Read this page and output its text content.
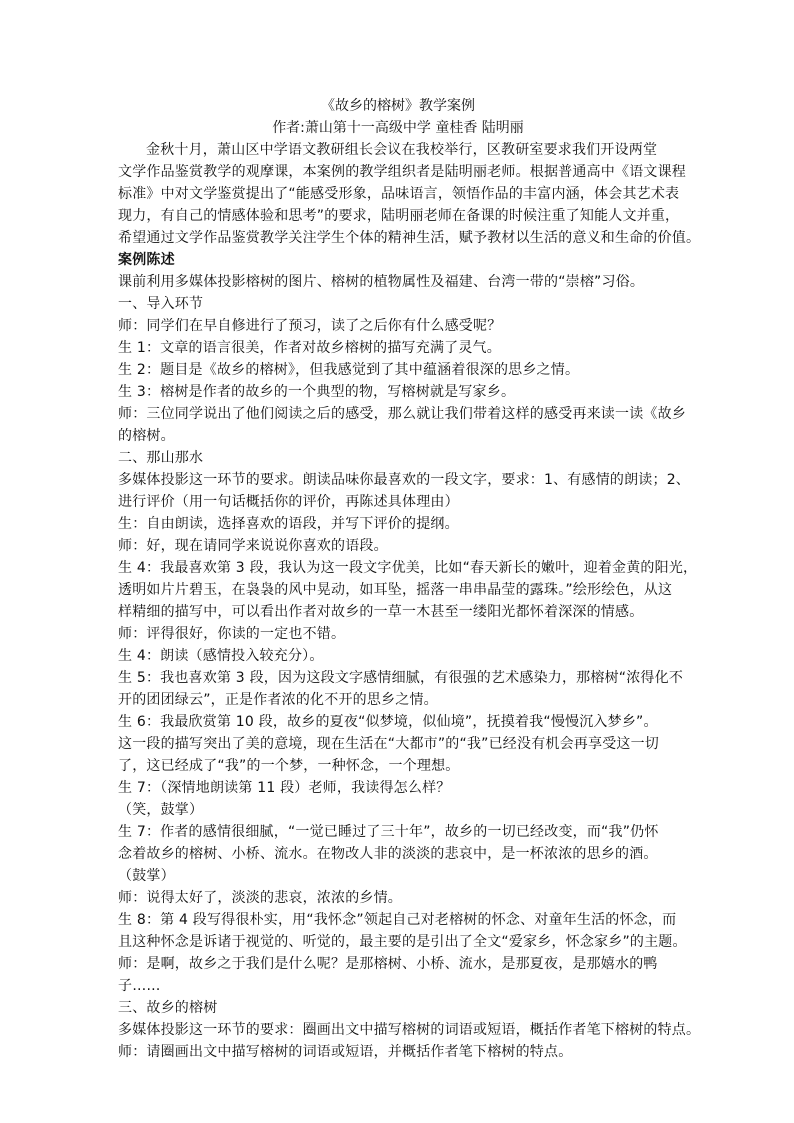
《故乡的榕树》教学案例
作者:萧山第十一高级中学 童桂香 陆明丽
金秋十月，萧山区中学语文教研组长会议在我校举行，区教研室要求我们开设两堂
文学作品鉴赏教学的观摩课，本案例的教学组织者是陆明丽老师。根据普通高中《语文课程
标准》中对文学鉴赏提出了“能感受形象，品味语言，领悟作品的丰富内涵，体会其艺术表
现力，有自己的情感体验和思考”的要求，陆明丽老师在备课的时候注重了知能人文并重，
希望通过文学作品鉴赏教学关注学生个体的精神生活，赋予教材以生活的意义和生命的价值。
案例陈述
课前利用多媒体投影榕树的图片、榕树的植物属性及福建、台湾一带的“崇榕”习俗。
一、导入环节
师：同学们在早自修进行了预习，读了之后你有什么感受呢？
生 1：文章的语言很美，作者对故乡榕树的描写充满了灵气。
生 2：题目是《故乡的榕树》，但我感觉到了其中蕴涵着很深的思乡之情。
生 3：榕树是作者的故乡的一个典型的物，写榕树就是写家乡。
师：三位同学说出了他们阅读之后的感受，那么就让我们带着这样的感受再来读一读《故乡
的榕树。
二、那山那水
多媒体投影这一环节的要求。朗读品味你最喜欢的一段文字，要求：1、有感情的朗读；2、
进行评价（用一句话概括你的评价，再陈述具体理由）
生：自由朗读，选择喜欢的语段，并写下评价的提纲。
师：好，现在请同学来说说你喜欢的语段。
生 4：我最喜欢第 3 段，我认为这一段文字优美，比如“春天新长的嫩叶，迎着金黄的阳光，
透明如片片碧玉，在袅袅的风中晃动，如耳坠，摇落一串串晶莹的露珠。”绘形绘色，从这
样精细的描写中，可以看出作者对故乡的一草一木甚至一缕阳光都怀着深深的情感。
师：评得很好，你读的一定也不错。
生 4：朗读（感情投入较充分）。
生 5：我也喜欢第 3 段，因为这段文字感情细腻，有很强的艺术感染力，那榕树“浓得化不
开的团团绿云”，正是作者浓的化不开的思乡之情。
生 6：我最欣赏第 10 段，故乡的夏夜“似梦境，似仙境”，抚摸着我“慢慢沉入梦乡”。
这一段的描写突出了美的意境，现在生活在“大都市”的“我”已经没有机会再享受这一切
了，这已经成了“我”的一个梦，一种怀念，一个理想。
生 7：（深情地朗读第 11 段）老师，我读得怎么样？
（笑，鼓掌）
生 7：作者的感情很细腻，“一觉已睡过了三十年”，故乡的一切已经改变，而“我”仍怀
念着故乡的榕树、小桥、流水。在物改人非的淡淡的悲哀中，是一杯浓浓的思乡的酒。
（鼓掌）
师：说得太好了，淡淡的悲哀，浓浓的乡情。
生 8：第 4 段写得很朴实，用“我怀念”领起自己对老榕树的怀念、对童年生活的怀念，而
且这种怀念是诉诸于视觉的、听觉的，最主要的是引出了全文“爱家乡，怀念家乡”的主题。
师：是啊，故乡之于我们是什么呢？是那榕树、小桥、流水，是那夏夜，是那嬉水的鸭
子……
三、故乡的榕树
多媒体投影这一环节的要求：圈画出文中描写榕树的词语或短语，概括作者笔下榕树的特点。
师：请圈画出文中描写榕树的词语或短语，并概括作者笔下榕树的特点。
